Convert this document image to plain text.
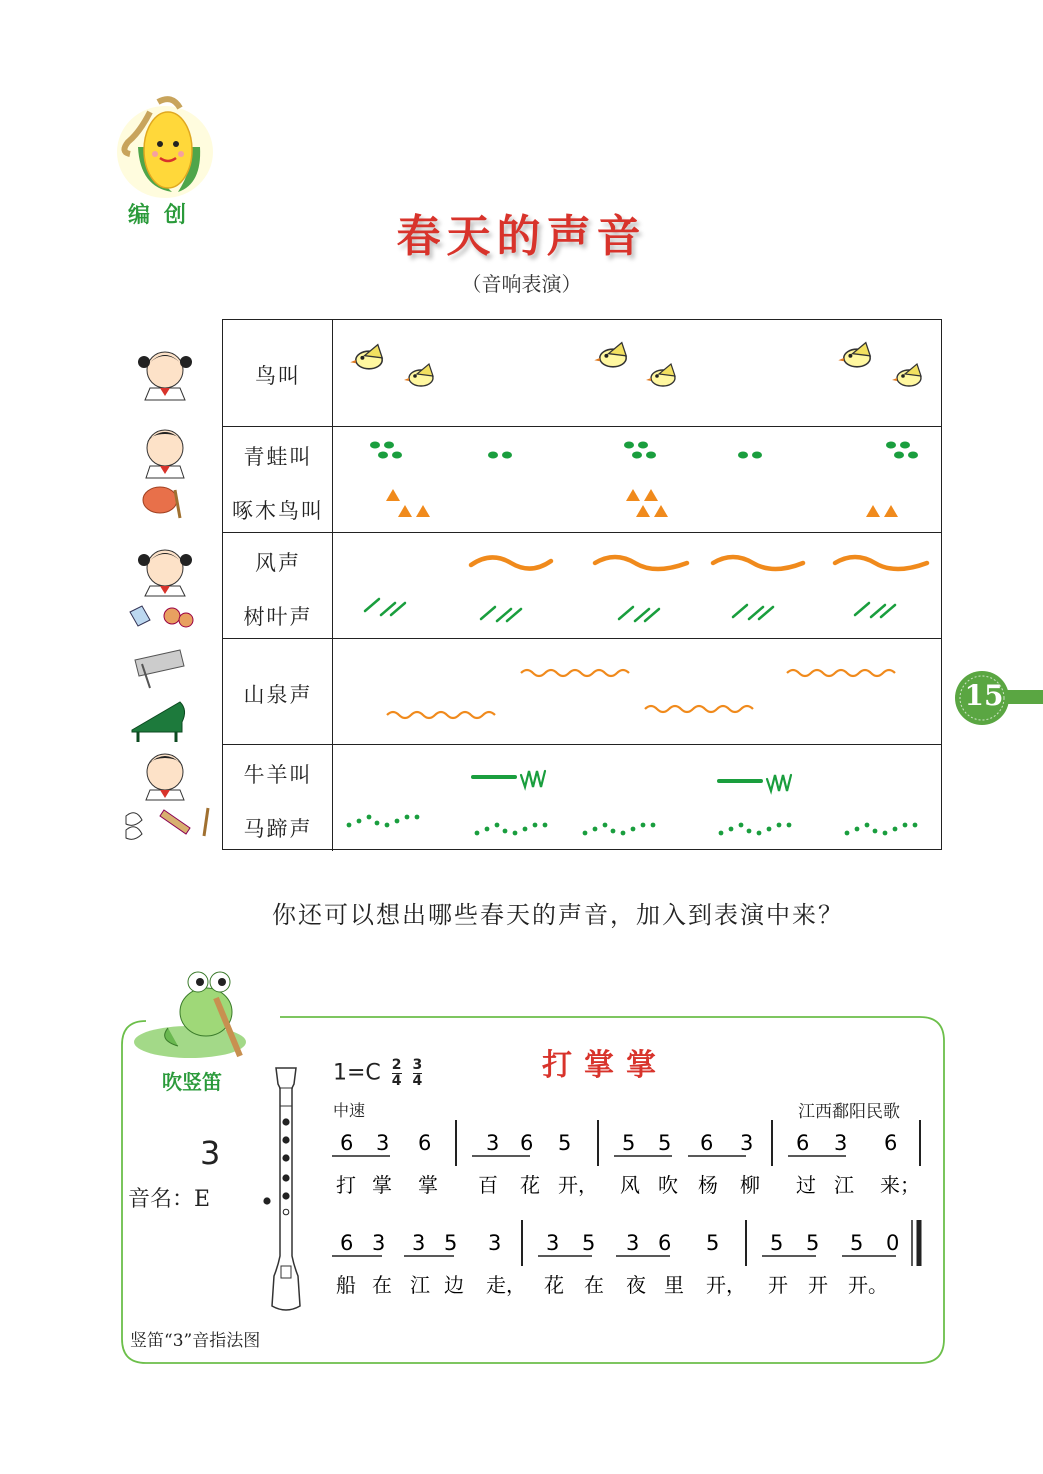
编创	春天的声音
（音响表演）
鸟叫
青蛙叫
啄木鸟叫
风声
树叶声
山泉声
牛羊叫
马蹄声
15
你还可以想出哪些春天的声音，加入到表演中来？
吹竖笛
3
音名：E
竖笛“3”音指法图
$1=C \frac{2}{4}$
$\frac{3}{4}$	打掌掌
中速	江西鄱阳民歌
6 3 6	3 6 5 5 5 6 3 6 3 6
打 掌 掌 百 花 开， 风 吹 杨 柳 过 江 来；
6 3 3 5 3 3 5 3 6 5 5 5 5 0
船 在 江 边 走， 花 在 夜 里 开， 开 开 开。
